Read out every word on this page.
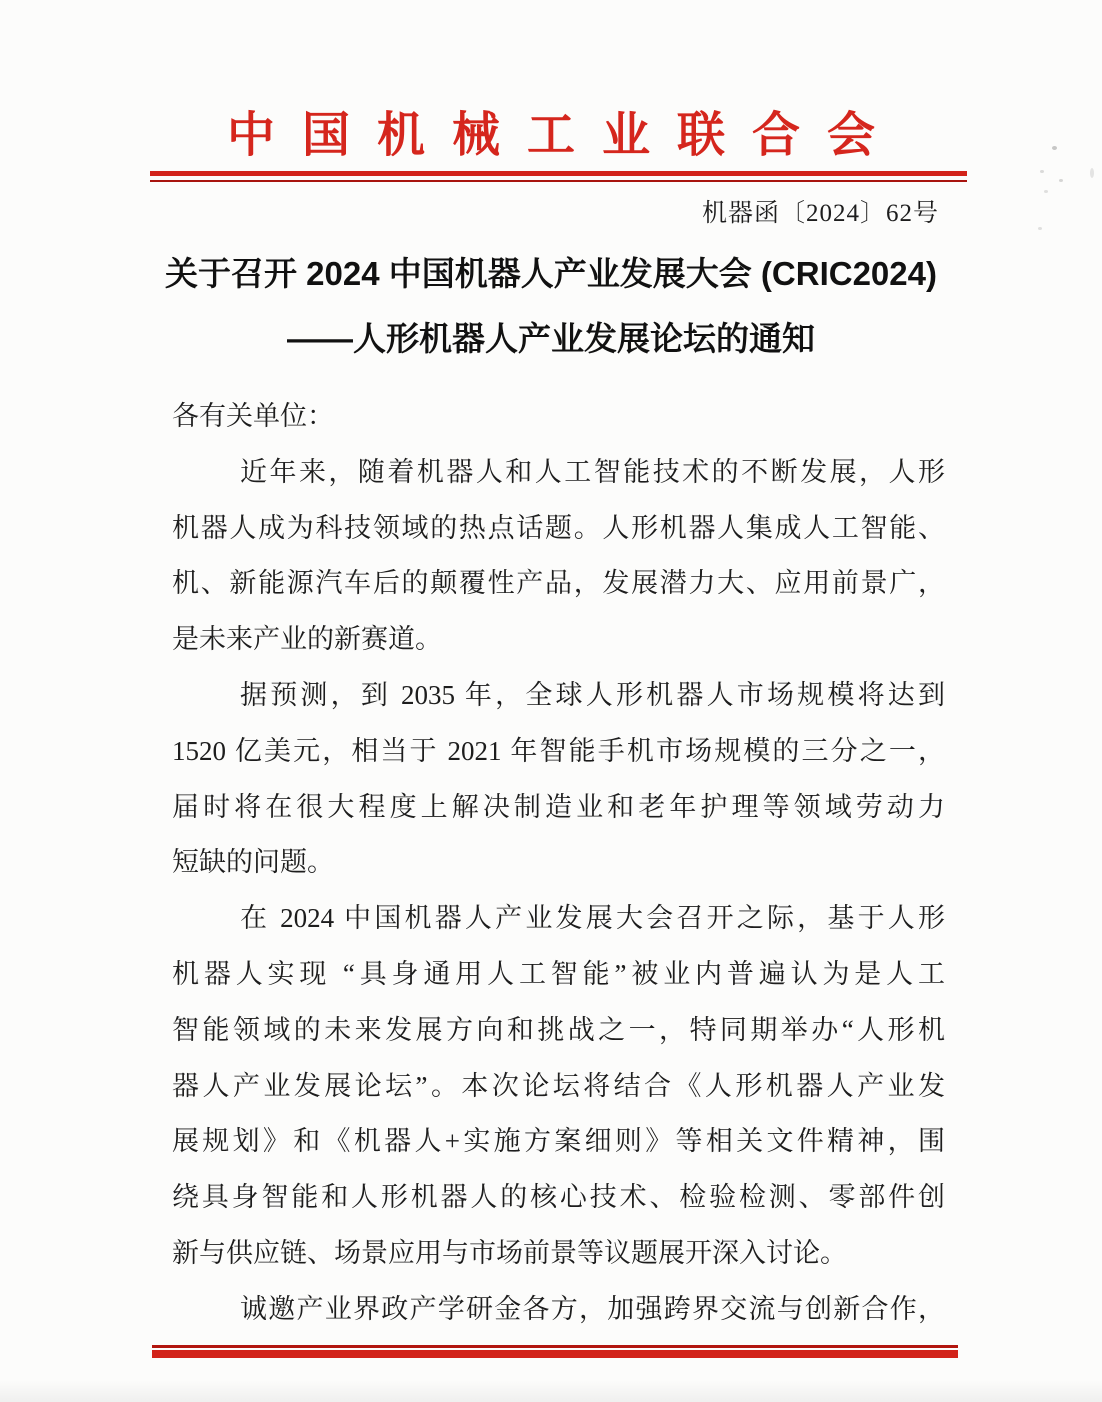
中国机械工业联合会
机器函〔2024〕62号
关于召开 2024 中国机器人产业发展大会 (CRIC2024)
——人形机器人产业发展论坛的通知
各有关单位：
近年来，随着机器人和人工智能技术的不断发展，人形
机器人成为科技领域的热点话题。人形机器人集成人工智能、
机、新能源汽车后的颠覆性产品，发展潜力大、应用前景广，
是未来产业的新赛道。
据预测，到 2035 年，全球人形机器人市场规模将达到
1520 亿美元，相当于 2021 年智能手机市场规模的三分之一，
届时将在很大程度上解决制造业和老年护理等领域劳动力
短缺的问题。
在 2024 中国机器人产业发展大会召开之际，基于人形
机器人实现 “具身通用人工智能”被业内普遍认为是人工
智能领域的未来发展方向和挑战之一，特同期举办“人形机
器人产业发展论坛”。本次论坛将结合《人形机器人产业发
展规划》和《机器人+实施方案细则》等相关文件精神，围
绕具身智能和人形机器人的核心技术、检验检测、零部件创
新与供应链、场景应用与市场前景等议题展开深入讨论。
诚邀产业界政产学研金各方，加强跨界交流与创新合作，
